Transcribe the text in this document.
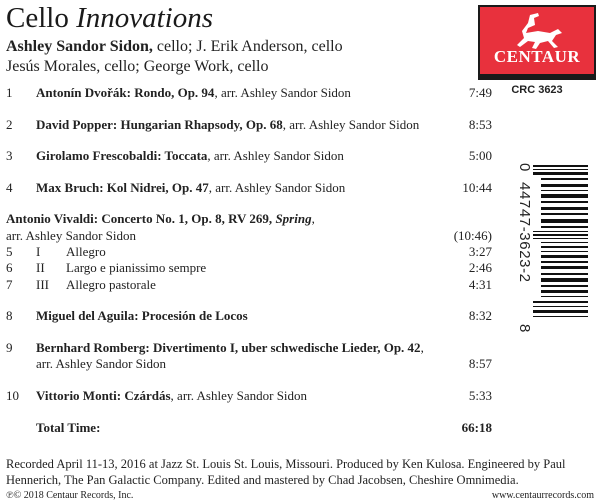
Cello Innovations
Ashley Sandor Sidon, cello; J. Erik Anderson, cello
Jesús Morales, cello; George Work, cello
CENTAUR
CRC 3623
0
44747-3623-2
8
1 Antonín Dvořák: Rondo, Op. 94, arr. Ashley Sandor Sidon	7:49
2 David Popper: Hungarian Rhapsody, Op. 68, arr. Ashley Sandor Sidon	8:53
3 Girolamo Frescobaldi: Toccata, arr. Ashley Sandor Sidon	5:00
4 Max Bruch: Kol Nidrei, Op. 47, arr. Ashley Sandor Sidon	10:44
Antonio Vivaldi: Concerto No. 1, Op. 8, RV 269, Spring,
arr. Ashley Sandor Sidon	(10:46)
5 I Allegro	3:27
6 II Largo e pianissimo sempre	2:46
7 III Allegro pastorale	4:31
8 Miguel del Aguila: Procesión de Locos	8:32
9 Bernhard Romberg: Divertimento I, uber schwedische Lieder, Op. 42,
arr. Ashley Sandor Sidon	8:57
10 Vittorio Monti: Czárdás, arr. Ashley Sandor Sidon	5:33
Total Time:	66:18
Recorded April 11-13, 2016 at Jazz St. Louis St. Louis, Missouri. Produced by Ken Kulosa. Engineered by Paul
Hennerich, The Pan Galactic Company. Edited and mastered by Chad Jacobsen, Cheshire Omnimedia.
℗© 2018 Centaur Records, Inc.	www.centaurrecords.com
